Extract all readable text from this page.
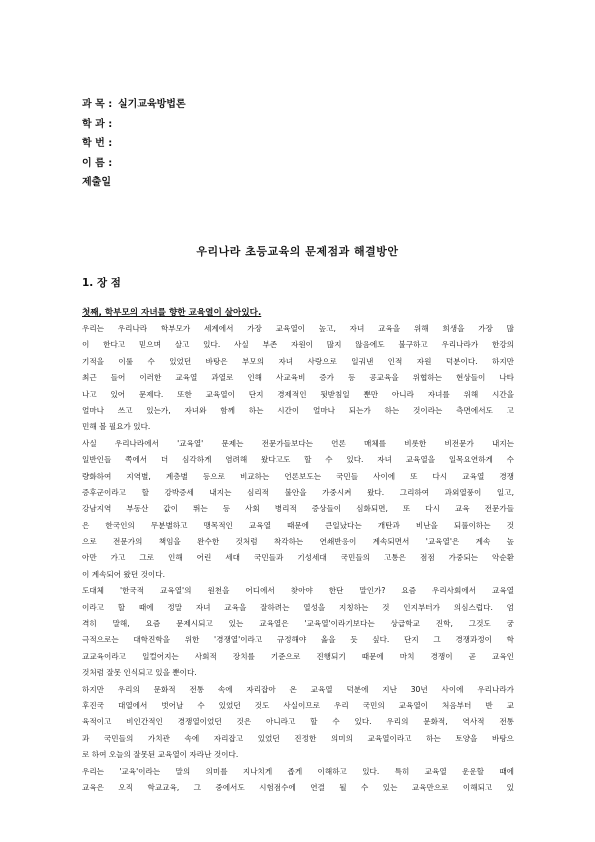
과 목 : 실기교육방법론
학 과 :
학 번 :
이 름 :
제출일
우리나라 초등교육의 문제점과 해결방안
1. 장 점
첫째, 학부모의 자녀를 향한 교육열이 살아있다.
우리는 우리나라 학부모가 세계에서 가장 교육열이 높고, 자녀 교육을 위해 희생을 가장 많
이 한다고 믿으며 살고 있다. 사실 부존 자원이 많지 않음에도 불구하고 우리나라가 한강의
기적을 이룰 수 있었던 바탕은 부모의 자녀 사랑으로 일궈낸 인적 자원 덕분이다. 하지만
최근 들어 이러한 교육열 과열로 인해 사교육비 증가 등 공교육을 위협하는 현상들이 나타
나고 있어 문제다. 또한 교육열이 단지 경제적인 뒷받침일 뿐만 아니라 자녀를 위해 시간을
얼마나 쓰고 있는가, 자녀와 함께 하는 시간이 얼마나 되는가 하는 것이라는 측면에서도 고
민해 볼 필요가 있다.
사실 우리나라에서 '교육열' 문제는 전문가들보다는 언론 매체를 비롯한 비전문가 내지는
일반인들 쪽에서 더 심각하게 염려해 왔다고도 할 수 있다. 자녀 교육열을 일목요연하게 수
량화하여 지역별, 계층별 등으로 비교하는 언론보도는 국민들 사이에 또 다시 교육열 경쟁
증후군이라고 할 강박증세 내지는 심리적 불안을 가중시켜 왔다. 그리하여 과외열풍이 일고,
강남지역 부동산 값이 뛰는 등 사회 병리적 증상들이 심화되면, 또 다시 교육 전문가들
은 한국인의 무분별하고 맹목적인 교육열 때문에 큰일났다는 개탄과 비난을 되풀이하는 것
으로 전문가의 책임을 완수한 것처럼 착각하는 연쇄반응이 계속되면서 '교육열'은 계속 높
아만 가고 그로 인해 어린 세대 국민들과 기성세대 국민들의 고통은 점점 가중되는 악순환
이 계속되어 왔던 것이다.
도대체 '한국적 교육열'의 원천을 어디에서 찾아야 한단 말인가? 요즘 우리사회에서 교육열
이라고 할 때에 정말 자녀 교육을 잘하려는 열성을 지칭하는 것 인지부터가 의심스럽다. 엄
격히 말해, 요즘 문제시되고 있는 교육열은 '교육열'이라기보다는 상급학교 진학, 그것도 궁
극적으로는 대학진학을 위한 '경쟁열'이라고 규정해야 옳을 듯 싶다. 단지 그 경쟁과정이 학
교교육이라고 일컬어지는 사회적 장치를 기준으로 진행되기 때문에 마치 경쟁이 곧 교육인
것처럼 잘못 인식되고 있을 뿐이다.
하지만 우리의 문화적 전통 속에 자리잡아 온 교육열 덕분에 지난 30년 사이에 우리나라가
후진국 대열에서 벗어날 수 있었던 것도 사실이므로 우리 국민의 교육열이 처음부터 반 교
육적이고 비인간적인 경쟁열이었던 것은 아니라고 할 수 있다. 우리의 문화적, 역사적 전통
과 국민들의 가치관 속에 자리잡고 있었던 진정한 의미의 교육열이라고 하는 토양을 바탕으
로 하여 오늘의 잘못된 교육열이 자라난 것이다.
우리는 '교육'이라는 말의 의미를 지나치게 좁게 이해하고 있다. 특히 교육열 운운할 때에
교육은 오직 학교교육, 그 중에서도 시험점수에 연결 될 수 있는 교육만으로 이해되고 있
